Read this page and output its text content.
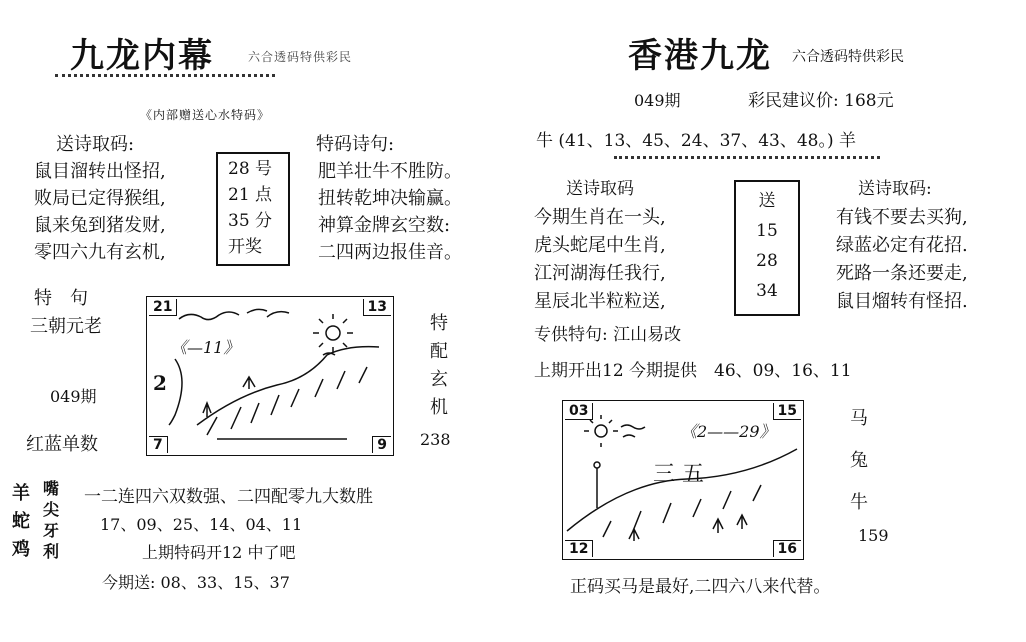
九龙内幕	六合透码特供彩民
《内部赠送心水特码》
送诗取码:	特码诗句:
鼠目溜转出怪招,
败局已定得猴组,
鼠来兔到猪发财,
零四六九有玄机,
28 号
21 点
35 分
开奖
肥羊壮牛不胜防。
扭转乾坤决输赢。
神算金牌玄空数:
二四两边报佳音。
特　句
三朝元老
049期
红蓝单数
21	13
7	9
《—11》
2
特
配
玄
机
238
羊
蛇
鸡
嘴
尖
牙
利
一二连四六双数强、二四配零九大数胜
17、09、25、14、04、11
上期特码开12 中了吧
今期送: 08、33、15、37
香港九龙 六合透码特供彩民
049期	彩民建议价: 168元
牛 (41、13、45、24、37、43、48。) 羊
送诗取码	送诗取码:
今期生肖在一头,
虎头蛇尾中生肖,
江河湖海任我行,
星辰北半粒粒送,
送
15
28
34
有钱不要去买狗,
绿蓝必定有花招.
死路一条还要走,
鼠目熘转有怪招.
专供特句: 江山易改
上期开出12 今期提供　46、09、16、11
03	15
12	16
《2——29》
三 五
马
兔
牛
159
正码买马是最好,二四六八来代替。
